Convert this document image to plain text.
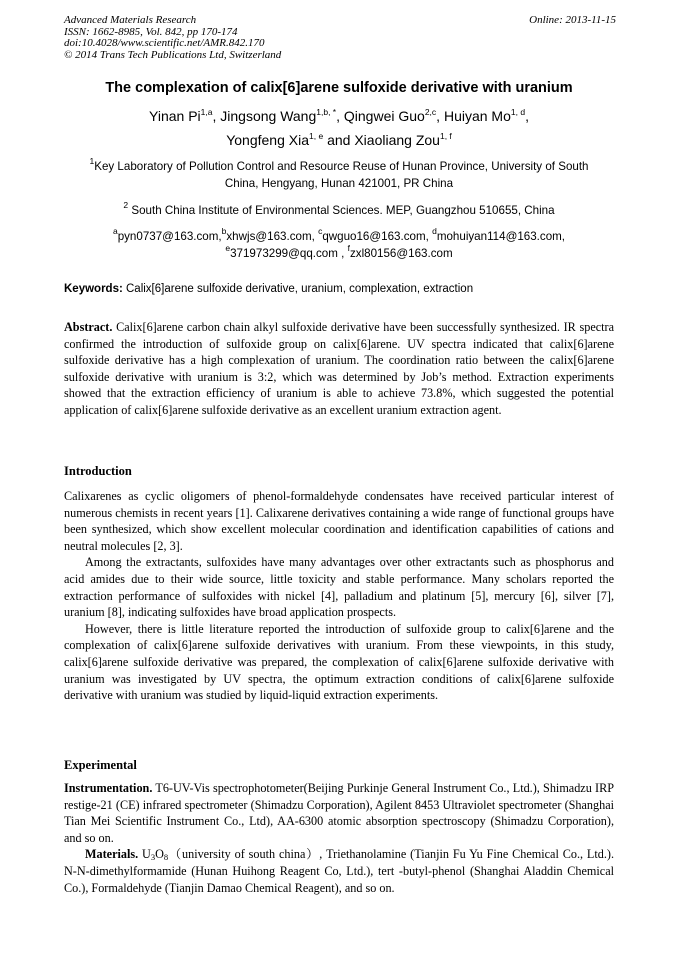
Advanced Materials Research
ISSN: 1662-8985, Vol. 842, pp 170-174
doi:10.4028/www.scientific.net/AMR.842.170
© 2014 Trans Tech Publications Ltd, Switzerland
Online: 2013-11-15
The complexation of calix[6]arene sulfoxide derivative with uranium
Yinan Pi$^{1,a}$, Jingsong Wang$^{1,b, *}$, Qingwei Guo$^{2,c}$, Huiyan Mo$^{1, d}$,
Yongfeng Xia$^{1, e}$ and Xiaoliang Zou$^{1, f}$
$^1$Key Laboratory of Pollution Control and Resource Reuse of Hunan Province, University of South
China, Hengyang, Hunan 421001, PR China
$^2$ South China Institute of Environmental Sciences. MEP, Guangzhou 510655, China
$^a$pyn0737@163.com,$^b$xhwjs@163.com, $^c$qwguo16@163.com, $^d$mohuiyan114@163.com,
$^e$371973299@qq.com , $^f$zxl80156@163.com
Keywords: Calix[6]arene sulfoxide derivative, uranium, complexation, extraction

Abstract. Calix[6]arene carbon chain alkyl sulfoxide derivative have been successfully synthesized. IR spectra confirmed the introduction of sulfoxide group on calix[6]arene. UV spectra indicated that calix[6]arene sulfoxide derivative has a high complexation of uranium. The coordination ratio between the calix[6]arene sulfoxide derivative with uranium is 3:2, which was determined by Job’s method. Extraction experiments showed that the extraction efficiency of uranium is able to achieve 73.8%, which suggested the potential application of calix[6]arene sulfoxide derivative as an excellent uranium extraction agent.

Introduction

Calixarenes as cyclic oligomers of phenol-formaldehyde condensates have received particular interest of numerous chemists in recent years [1]. Calixarene derivatives containing a wide range of functional groups have been synthesized, which show excellent molecular coordination and identification capabilities of cations and neutral molecules [2, 3].

Among the extractants, sulfoxides have many advantages over other extractants such as phosphorus and acid amides due to their wide source, little toxicity and stable performance. Many scholars reported the extraction performance of sulfoxides with nickel [4], palladium and platinum [5], mercury [6], silver [7], uranium [8], indicating sulfoxides have broad application prospects.

However, there is little literature reported the introduction of sulfoxide group to calix[6]arene and the complexation of calix[6]arene sulfoxide derivatives with uranium. From these viewpoints, in this study, calix[6]arene sulfoxide derivative was prepared, the complexation of calix[6]arene sulfoxide derivative with uranium was investigated by UV spectra, the optimum extraction conditions of calix[6]arene sulfoxide derivative with uranium was studied by liquid-liquid extraction experiments.

Experimental

Instrumentation. T6-UV-Vis spectrophotometer(Beijing Purkinje General Instrument Co., Ltd.), Shimadzu IRP restige-21 (CE) infrared spectrometer (Shimadzu Corporation), Agilent 8453 Ultraviolet spectrometer (Shanghai Tian Mei Scientific Instrument Co., Ltd), AA-6300 atomic absorption spectroscopy (Shimadzu Corporation), and so on.

Materials. $U_3O_8(university$ of south china）, Triethanolamine (Tianjin Fu Yu Fine Chemical Co., Ltd.). N-N-dimethylformamide (Hunan Huihong Reagent Co, Ltd.), tert -butyl-phenol (Shanghai Aladdin Chemical Co.), Formaldehyde (Tianjin Damao Chemical Reagent), and so on.
